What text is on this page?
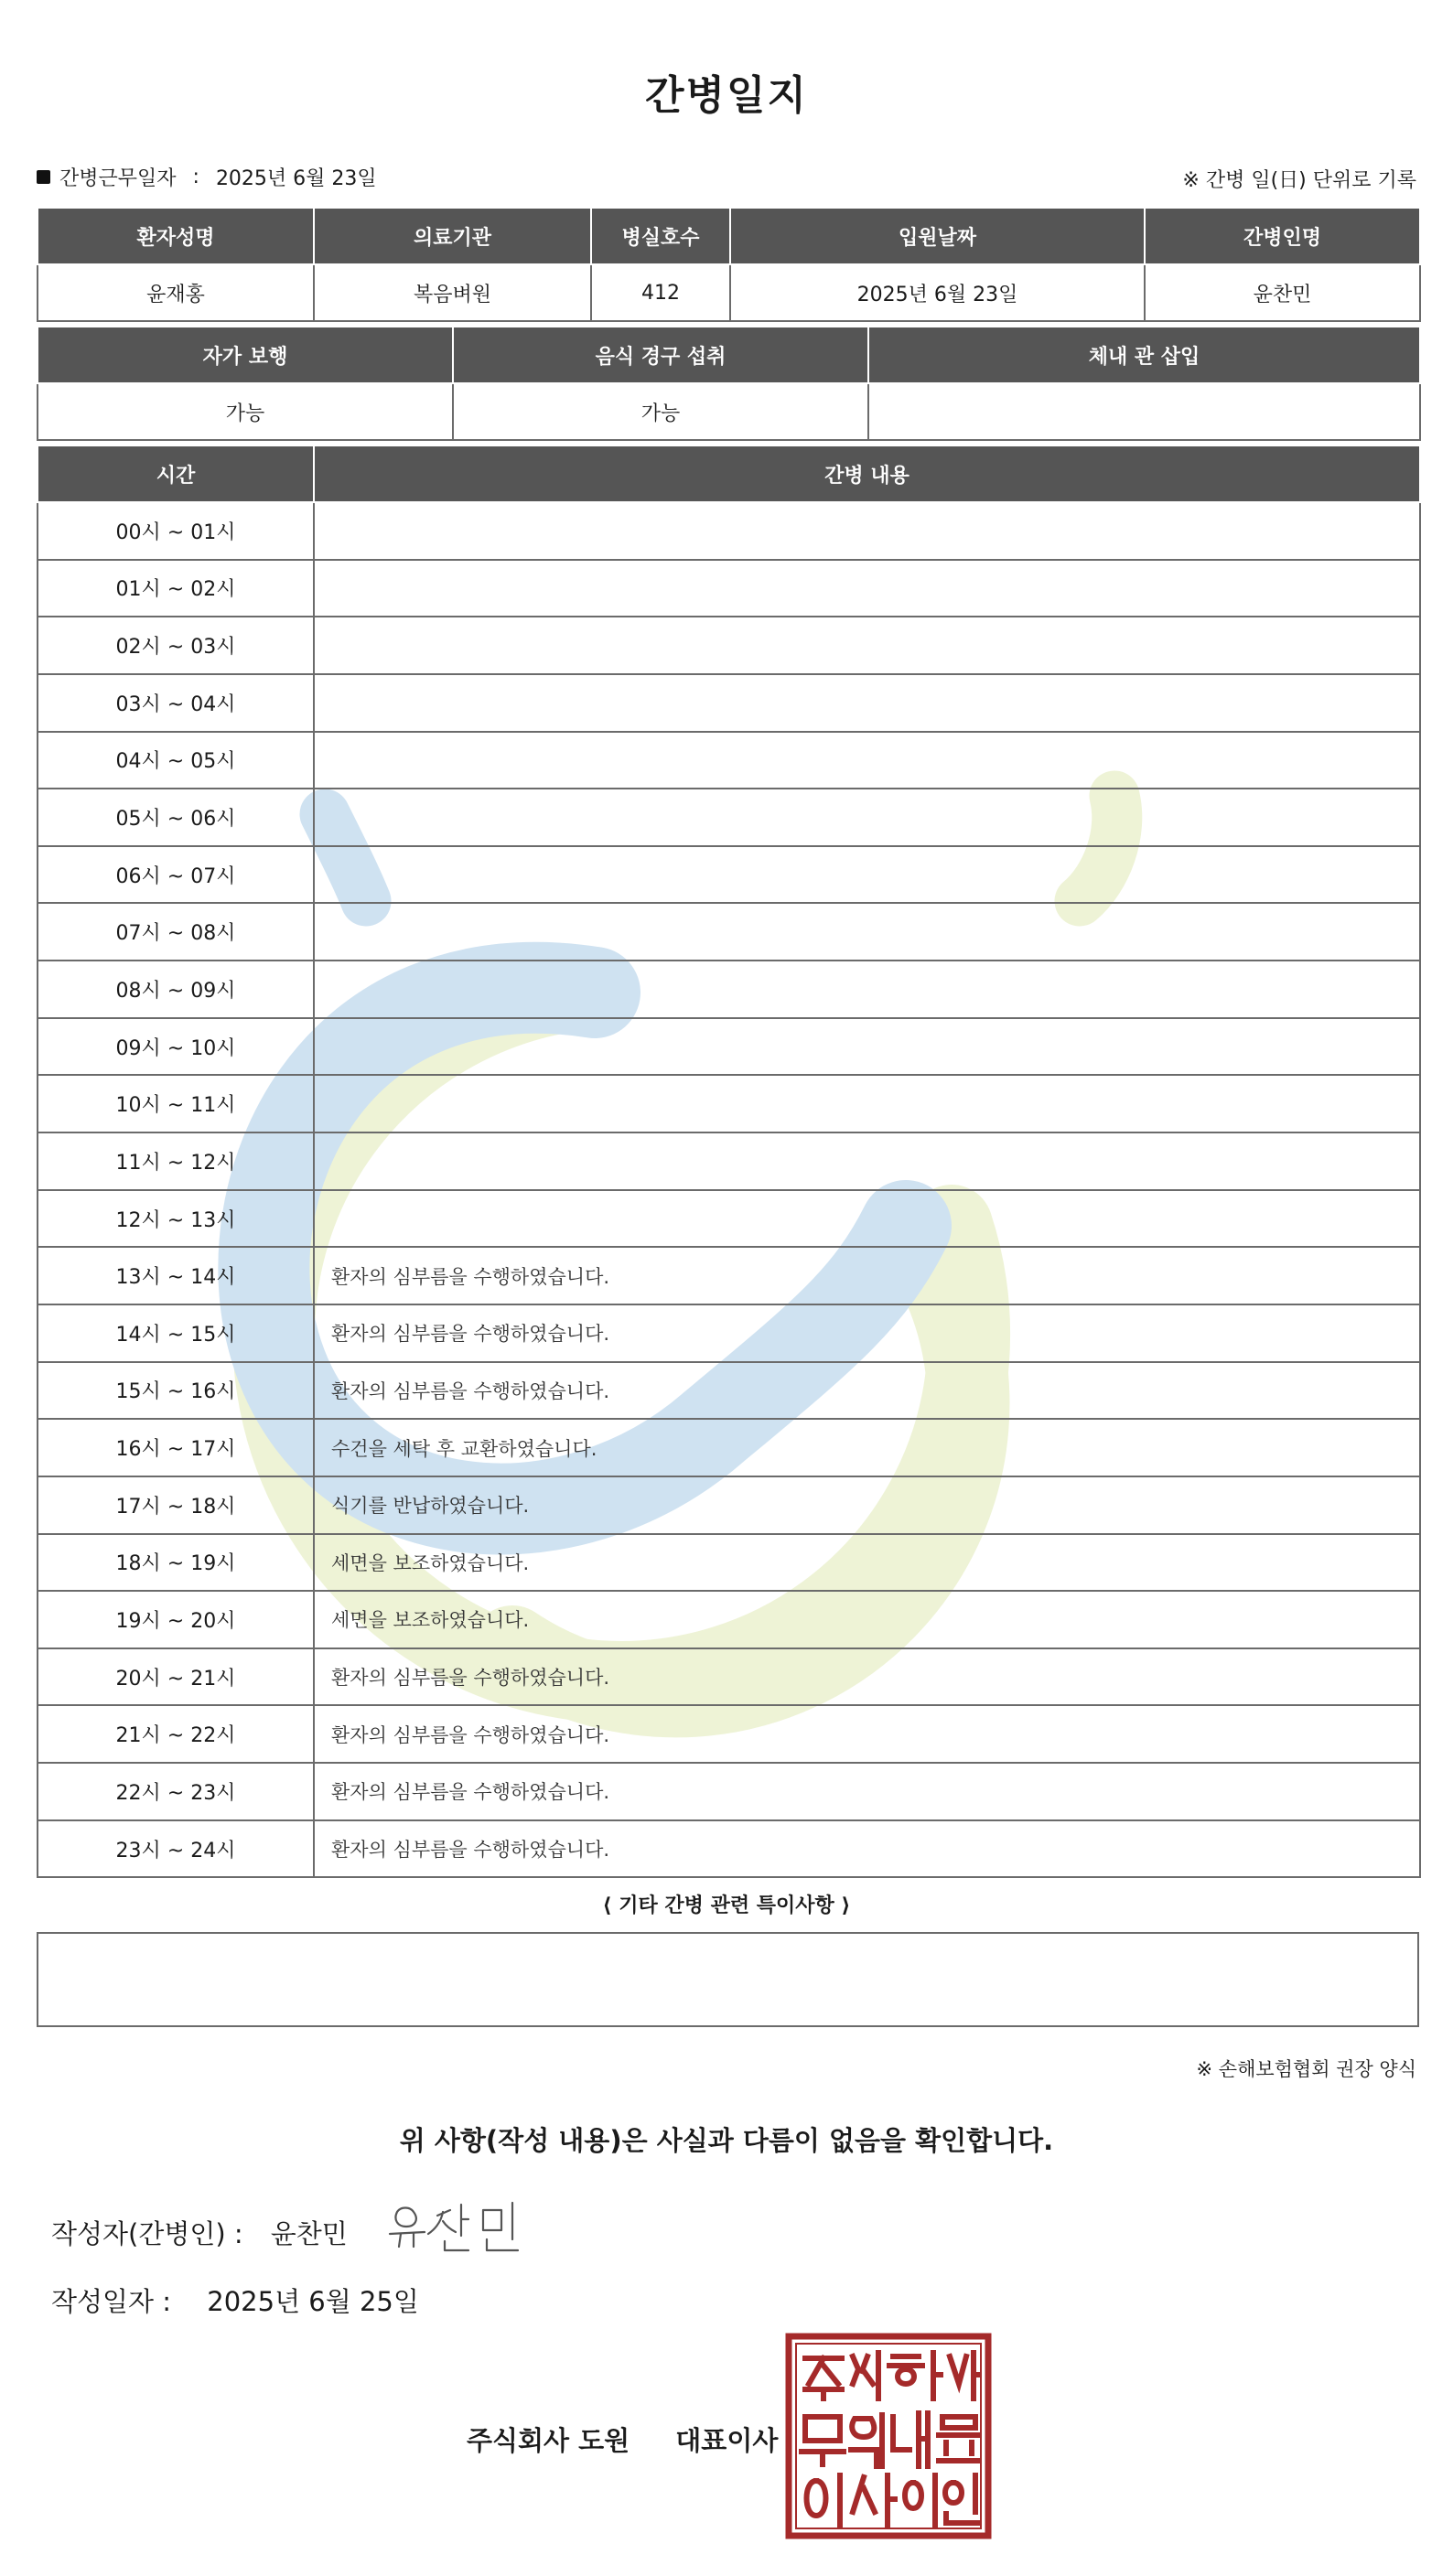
간병일지
간병근무일자 : 2025년 6월 23일	※ 간병 일(日) 단위로 기록
환자성명	의료기관	병실호수	입원날짜	간병인명
윤재홍	복음벼원	412	2025년 6월 23일	윤찬민
자가 보행	음식 경구 섭취	체내 관 삽입
가능	가능	
시간	간병 내용
00시 ~ 01시	
01시 ~ 02시	
02시 ~ 03시	
03시 ~ 04시	
04시 ~ 05시	
05시 ~ 06시	
06시 ~ 07시	
07시 ~ 08시	
08시 ~ 09시	
09시 ~ 10시	
10시 ~ 11시	
11시 ~ 12시	
12시 ~ 13시	
13시 ~ 14시	환자의 심부름을 수행하였습니다.
14시 ~ 15시	환자의 심부름을 수행하였습니다.
15시 ~ 16시	환자의 심부름을 수행하였습니다.
16시 ~ 17시	수건을 세탁 후 교환하였습니다.
17시 ~ 18시	식기를 반납하였습니다.
18시 ~ 19시	세면을 보조하였습니다.
19시 ~ 20시	세면을 보조하였습니다.
20시 ~ 21시	환자의 심부름을 수행하였습니다.
21시 ~ 22시	환자의 심부름을 수행하였습니다.
22시 ~ 23시	환자의 심부름을 수행하였습니다.
23시 ~ 24시	환자의 심부름을 수행하였습니다.
⟨ 기타 간병 관련 특이사항 ⟩
※ 손해보험협회 권장 양식
위 사항(작성 내용)은 사실과 다름이 없음을 확인합니다.
작성자(간병인) : 윤찬민
작성일자 : 2025년 6월 25일
주식회사 도원 대표이사
